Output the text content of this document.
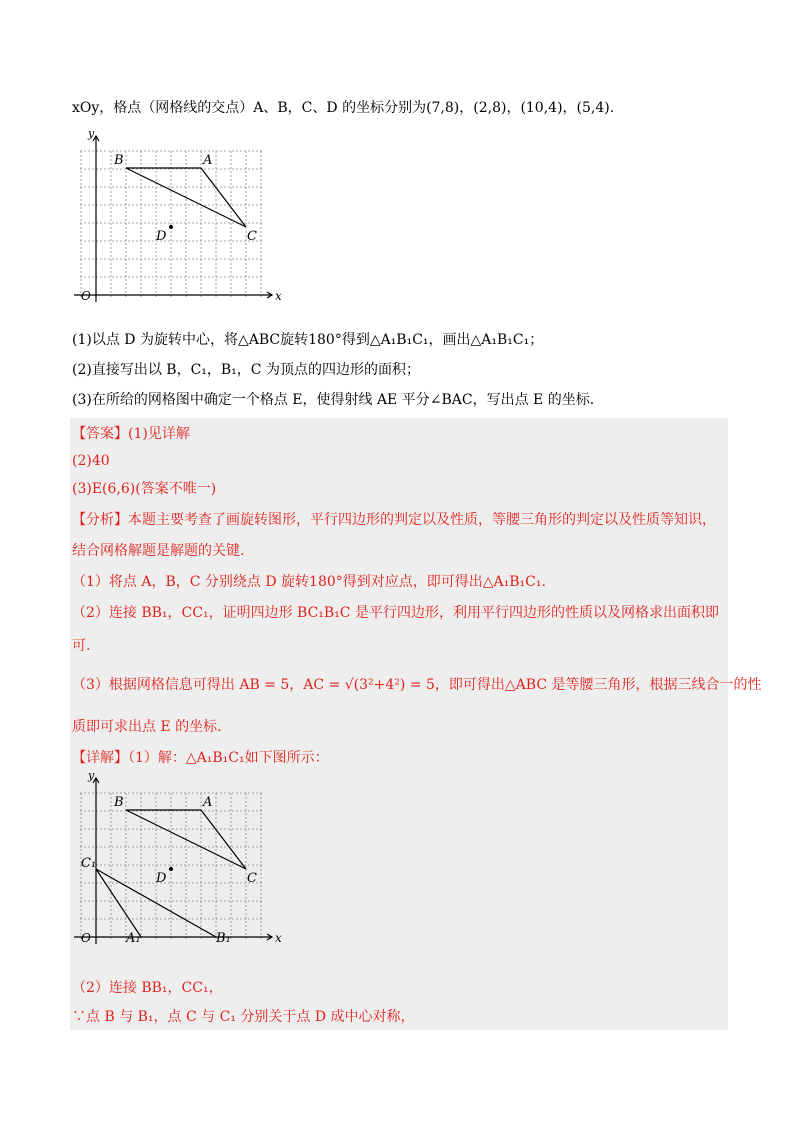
xOy，格点（网格线的交点）A、B，C、D 的坐标分别为(7,8)，(2,8)，(10,4)，(5,4).
y
x
O
B	A
C
D
(1)以点 D 为旋转中心，将△ABC旋转180°得到△A₁B₁C₁，画出△A₁B₁C₁；
(2)直接写出以 B，C₁，B₁，C 为顶点的四边形的面积；
(3)在所给的网格图中确定一个格点 E，使得射线 AE 平分∠BAC，写出点 E 的坐标.
【答案】(1)见详解
(2)40
(3)E(6,6)(答案不唯一)
【分析】本题主要考查了画旋转图形，平行四边形的判定以及性质，等腰三角形的判定以及性质等知识，
结合网格解题是解题的关键.
（1）将点 A，B，C 分别绕点 D 旋转180°得到对应点，即可得出△A₁B₁C₁.
（2）连接 BB₁，CC₁，证明四边形 BC₁B₁C 是平行四边形，利用平行四边形的性质以及网格求出面积即
可.
（3）根据网格信息可得出 AB = 5，AC = √(3²+4²) = 5，即可得出△ABC 是等腰三角形，根据三线合一的性
质即可求出点 E 的坐标.
【详解】（1）解：△A₁B₁C₁如下图所示：
y
x
O
B	A
C
D
C₁
A₁	B₁
（2）连接 BB₁，CC₁，
∵点 B 与 B₁，点 C 与 C₁ 分别关于点 D 成中心对称，
